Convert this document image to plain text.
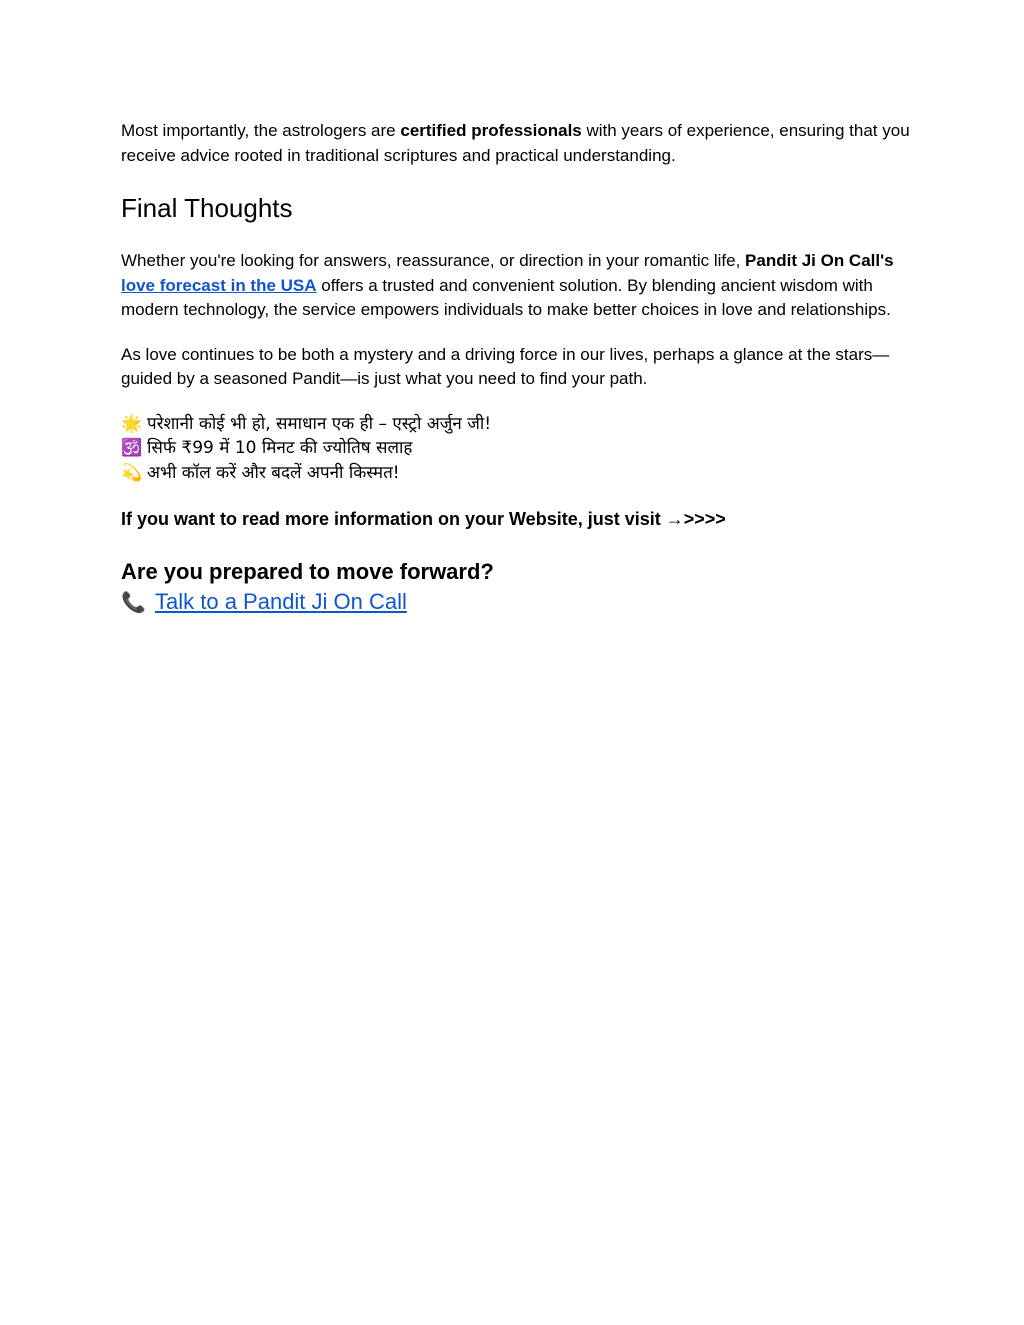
Most importantly, the astrologers are certified professionals with years of experience, ensuring that you receive advice rooted in traditional scriptures and practical understanding.

Final Thoughts

Whether you're looking for answers, reassurance, or direction in your romantic life, Pandit Ji On Call's love forecast in the USA offers a trusted and convenient solution. By blending ancient wisdom with modern technology, the service empowers individuals to make better choices in love and relationships.

As love continues to be both a mystery and a driving force in our lives, perhaps a glance at the stars—guided by a seasoned Pandit—is just what you need to find your path.

🌟 परेशानी कोई भी हो, समाधान एक ही – एस्ट्रो अर्जुन जी!
🕉️ सिर्फ ₹99 में 10 मिनट की ज्योतिष सलाह
💫 अभी कॉल करें और बदलें अपनी किस्मत!

If you want to read more information on your Website, just visit →>>>>

Are you prepared to move forward?
📞 Talk to a Pandit Ji On Call
